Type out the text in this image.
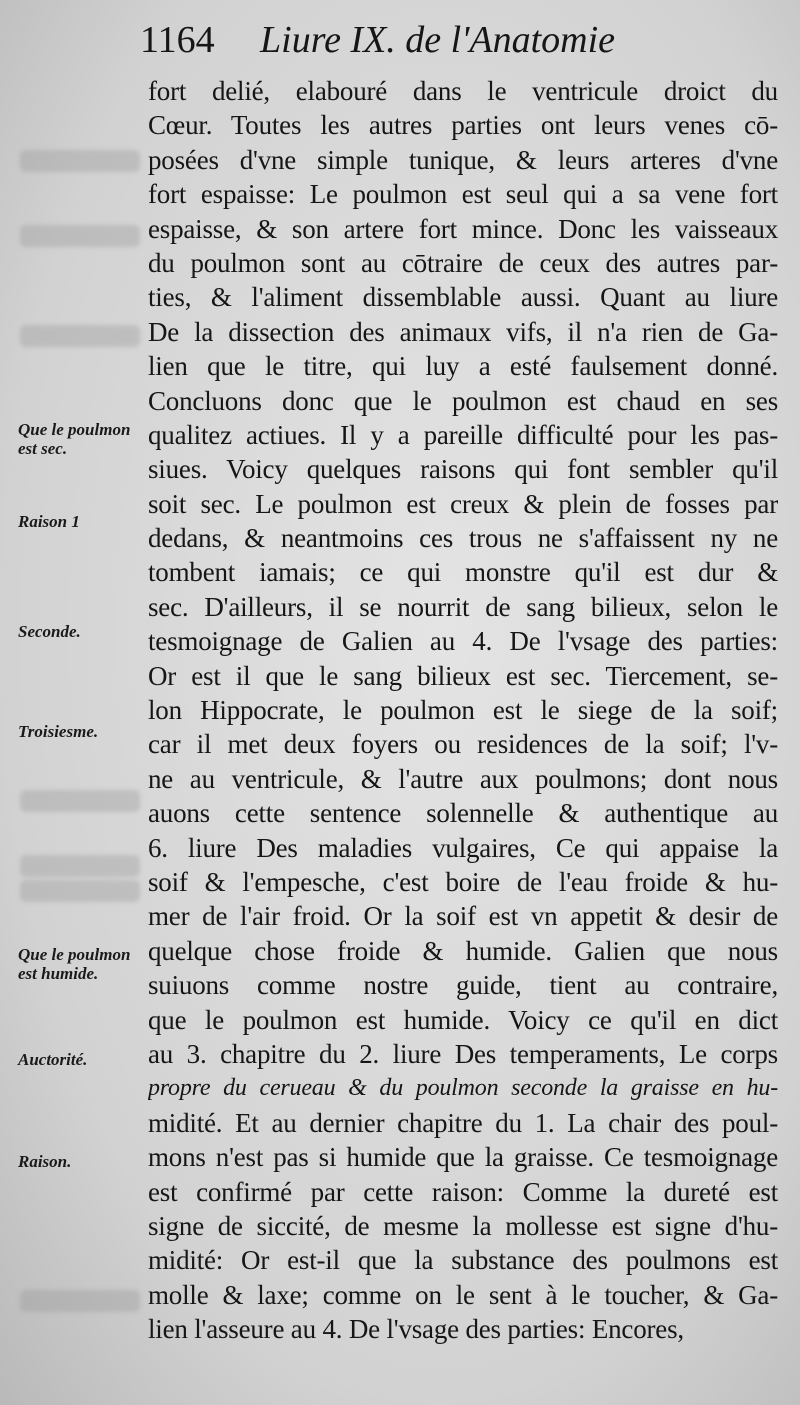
1164	Liure IX. de l'Anatomie
Que le poulmon est sec.
Raison 1
Seconde.
Troisiesme.
Que le poulmon est humide.
Auctorité.
Raison.
fort delié, elabouré dans le ventricule droict du
Cœur. Toutes les autres parties ont leurs venes cō-
posées d'vne simple tunique, & leurs arteres d'vne
fort espaisse: Le poulmon est seul qui a sa vene fort
espaisse, & son artere fort mince. Donc les vaisseaux
du poulmon sont au cōtraire de ceux des autres par-
ties, & l'aliment dissemblable aussi. Quant au liure
De la dissection des animaux vifs, il n'a rien de Ga-
lien que le titre, qui luy a esté faulsement donné.
Concluons donc que le poulmon est chaud en ses
qualitez actiues. Il y a pareille difficulté pour les pas-
siues. Voicy quelques raisons qui font sembler qu'il
soit sec. Le poulmon est creux & plein de fosses par
dedans, & neantmoins ces trous ne s'affaissent ny ne
tombent iamais; ce qui monstre qu'il est dur &
sec. D'ailleurs, il se nourrit de sang bilieux, selon le
tesmoignage de Galien au 4. De l'vsage des parties:
Or est il que le sang bilieux est sec. Tiercement, se-
lon Hippocrate, le poulmon est le siege de la soif;
car il met deux foyers ou residences de la soif; l'v-
ne au ventricule, & l'autre aux poulmons; dont nous
auons cette sentence solennelle & authentique au
6. liure Des maladies vulgaires, Ce qui appaise la
soif & l'empesche, c'est boire de l'eau froide & hu-
mer de l'air froid. Or la soif est vn appetit & desir de
quelque chose froide & humide. Galien que nous
suiuons comme nostre guide, tient au contraire,
que le poulmon est humide. Voicy ce qu'il en dict
au 3. chapitre du 2. liure Des temperaments, Le corps
propre du cerueau & du poulmon seconde la graisse en hu-
midité. Et au dernier chapitre du 1. La chair des poul-
mons n'est pas si humide que la graisse. Ce tesmoignage
est confirmé par cette raison: Comme la dureté est
signe de siccité, de mesme la mollesse est signe d'hu-
midité: Or est-il que la substance des poulmons est
molle & laxe; comme on le sent à le toucher, & Ga-
lien l'asseure au 4. De l'vsage des parties: Encores,
